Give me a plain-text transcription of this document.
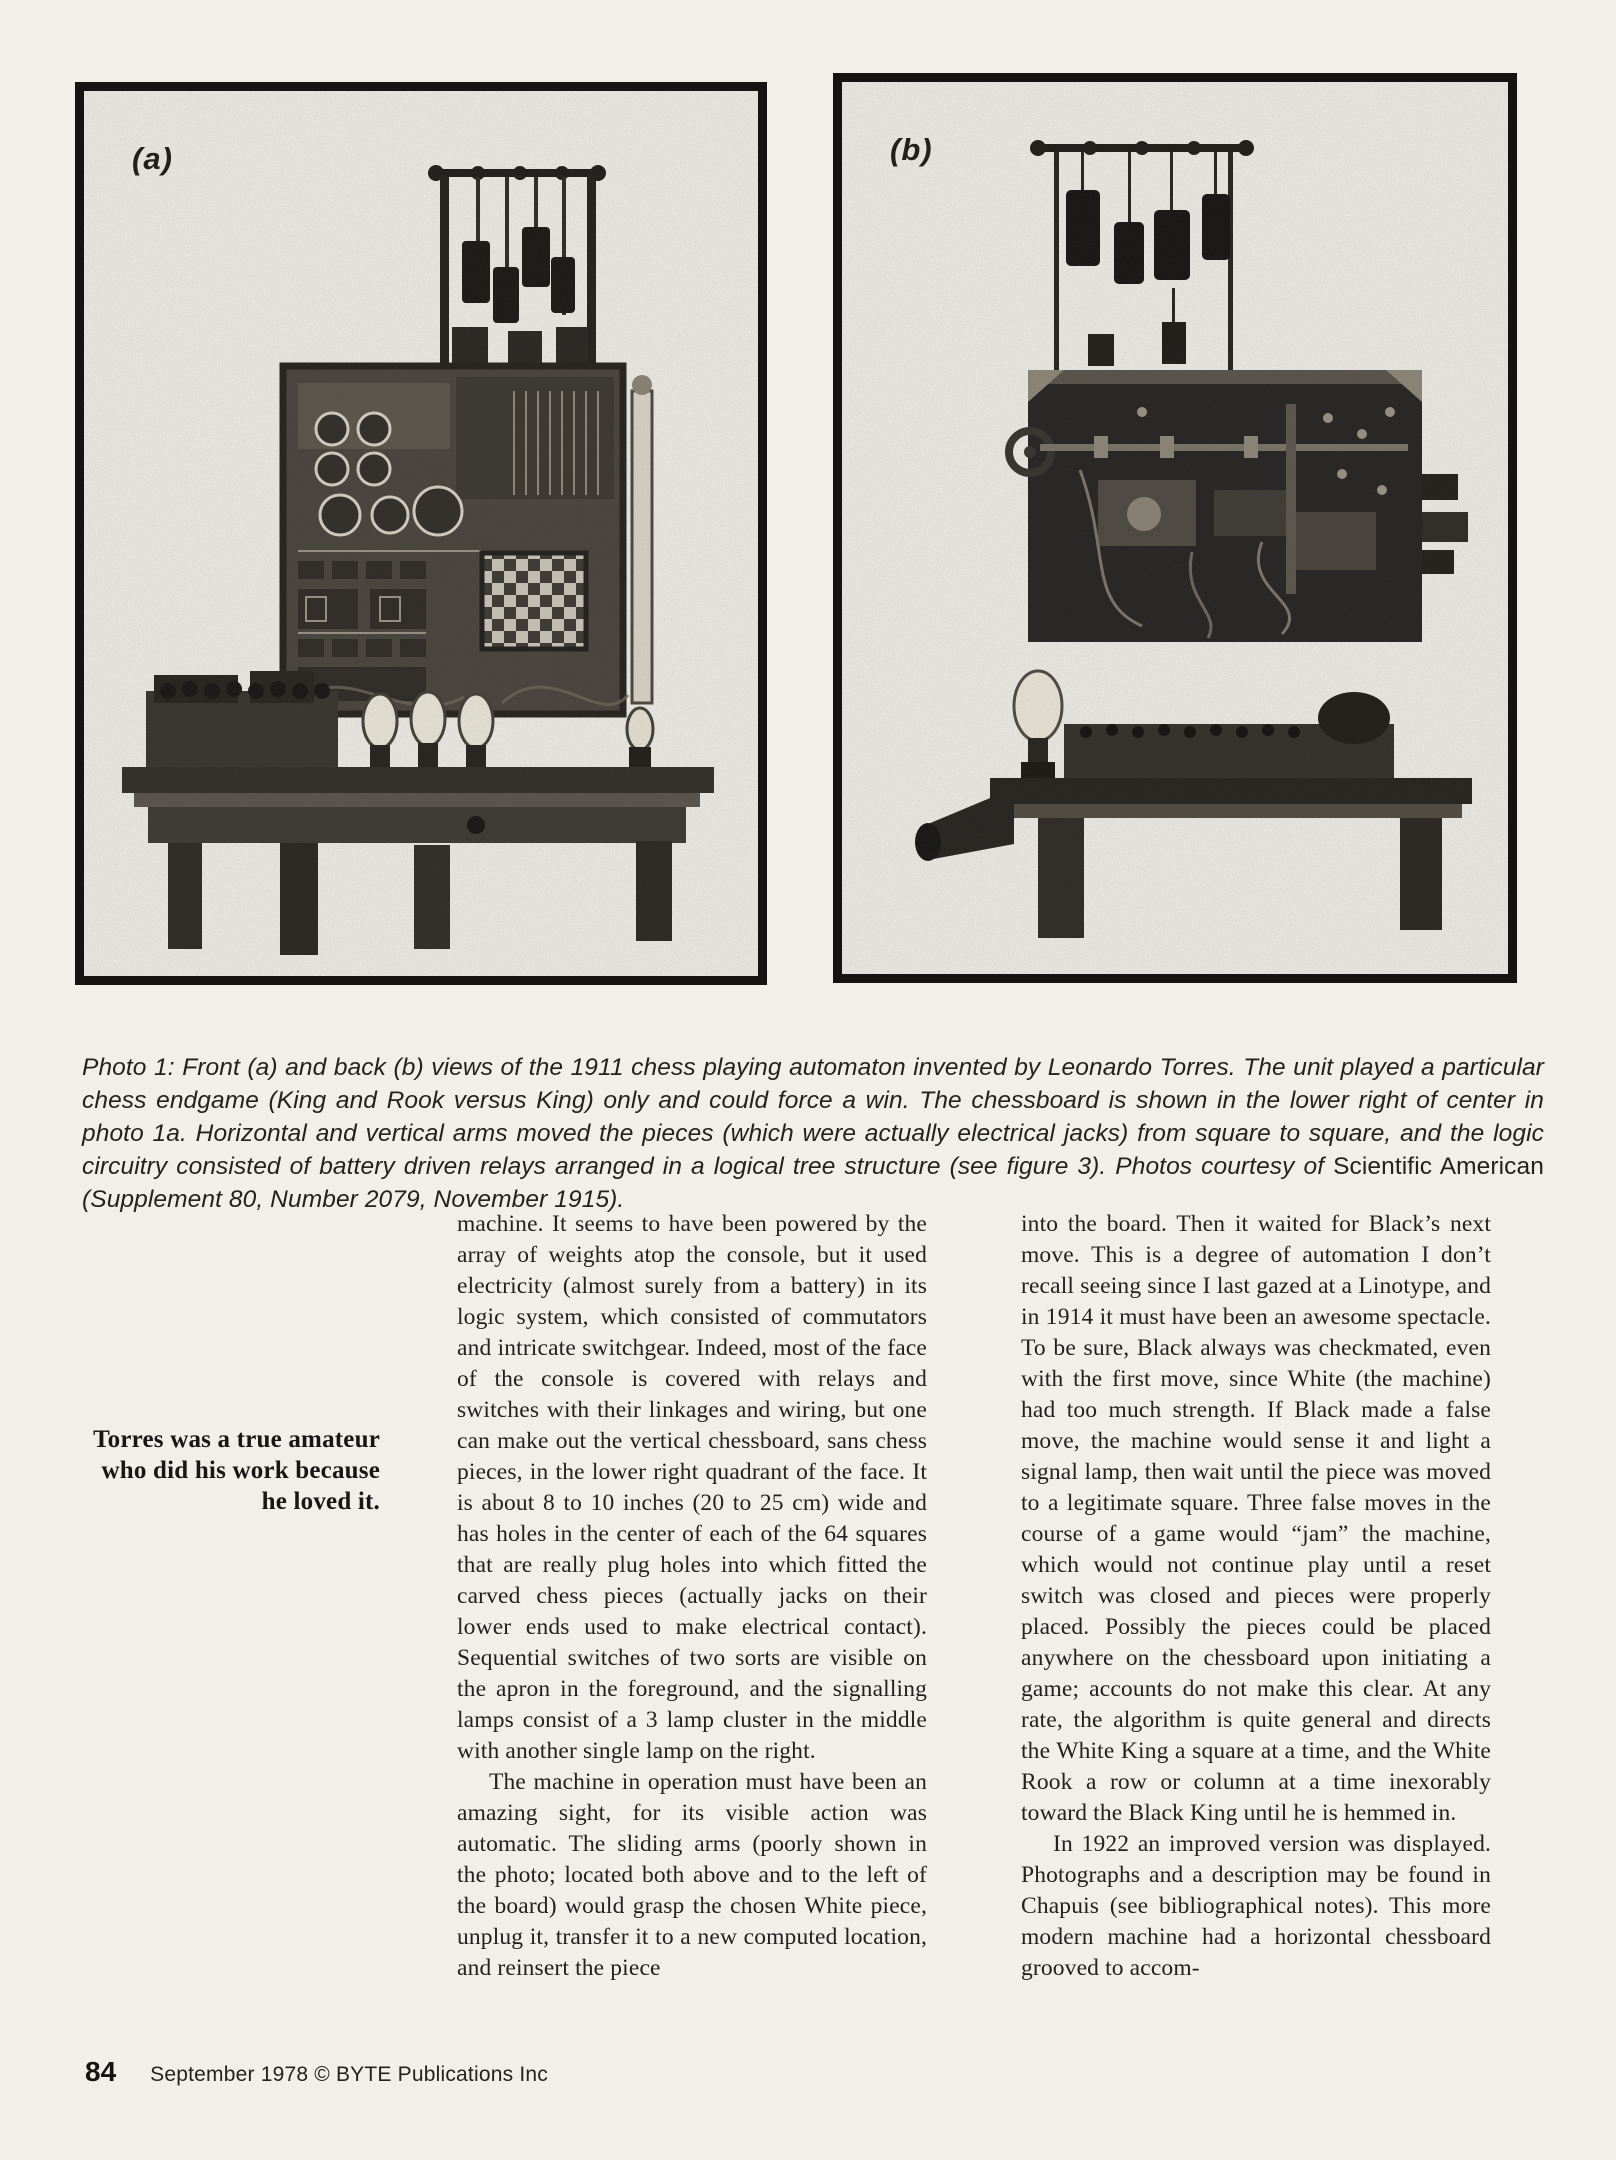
(a)	(b)

Photo 1: Front (a) and back (b) views of the 1911 chess playing automaton invented by Leonardo Torres. The unit played a particular chess endgame (King and Rook versus King) only and could force a win. The chessboard is shown in the lower right of center in photo 1a. Horizontal and vertical arms moved the pieces (which were actually electrical jacks) from square to square, and the logic circuitry consisted of battery driven relays arranged in a logical tree structure (see figure 3). Photos courtesy of Scientific American (Supplement 80, Number 2079, November 1915).

Torres was a true amateur who did his work because he loved it.

machine. It seems to have been powered by the array of weights atop the console, but it used electricity (almost surely from a battery) in its logic system, which consisted of commutators and intricate switchgear. Indeed, most of the face of the console is covered with relays and switches with their linkages and wiring, but one can make out the vertical chessboard, sans chess pieces, in the lower right quadrant of the face. It is about 8 to 10 inches (20 to 25 cm) wide and has holes in the center of each of the 64 squares that are really plug holes into which fitted the carved chess pieces (actually jacks on their lower ends used to make electrical contact). Sequential switches of two sorts are visible on the apron in the foreground, and the signalling lamps consist of a 3 lamp cluster in the middle with another single lamp on the right.

The machine in operation must have been an amazing sight, for its visible action was automatic. The sliding arms (poorly shown in the photo; located both above and to the left of the board) would grasp the chosen White piece, unplug it, transfer it to a new computed location, and reinsert the piece

into the board. Then it waited for Black’s next move. This is a degree of automation I don’t recall seeing since I last gazed at a Linotype, and in 1914 it must have been an awesome spectacle. To be sure, Black always was checkmated, even with the first move, since White (the machine) had too much strength. If Black made a false move, the machine would sense it and light a signal lamp, then wait until the piece was moved to a legitimate square. Three false moves in the course of a game would “jam” the machine, which would not continue play until a reset switch was closed and pieces were properly placed. Possibly the pieces could be placed anywhere on the chessboard upon initiating a game; accounts do not make this clear. At any rate, the algorithm is quite general and directs the White King a square at a time, and the White Rook a row or column at a time inexorably toward the Black King until he is hemmed in.

In 1922 an improved version was displayed. Photographs and a description may be found in Chapuis (see bibliographical notes). This more modern machine had a horizontal chessboard grooved to accom-

84 September 1978 © BYTE Publications Inc
